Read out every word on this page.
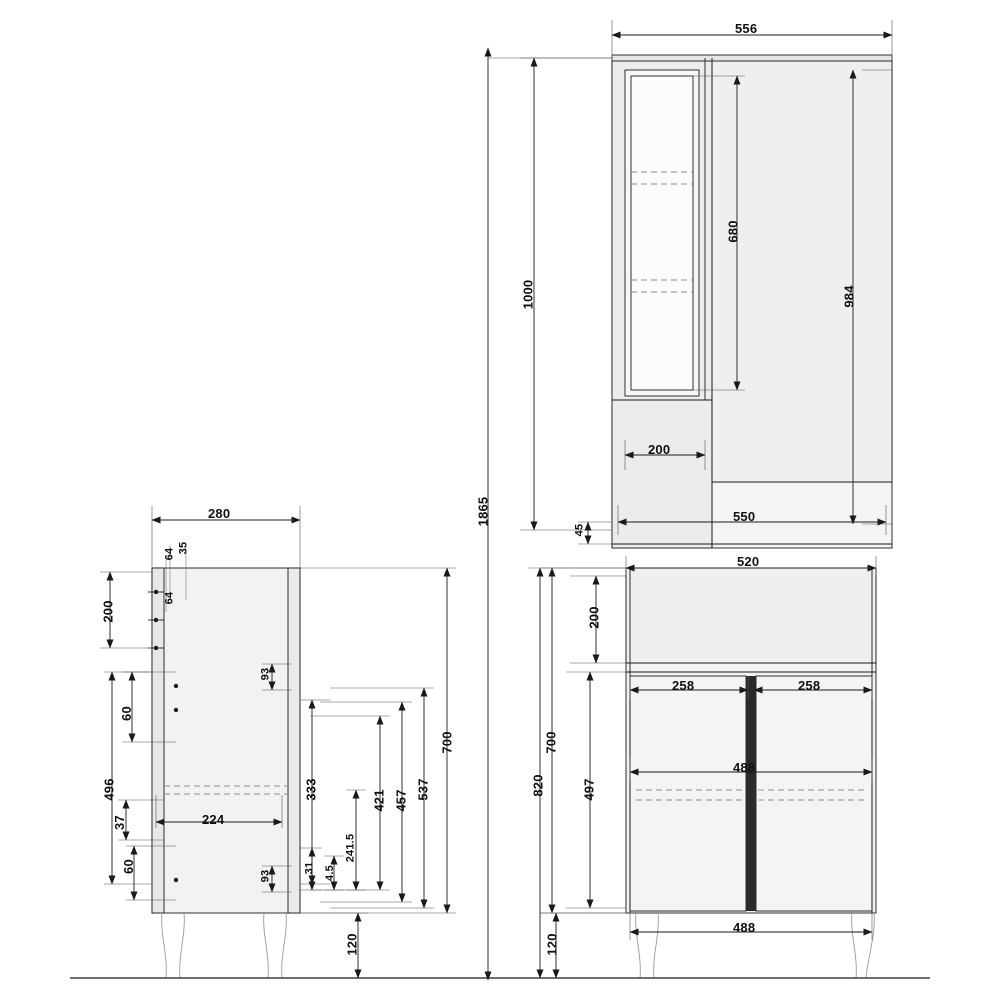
556
1000
680
984
200
550
45
1865
280
35
64
64
200
93
60
496
37	224
60
333	421 457 537
700
31 4.5
241.5
93
120
520
200
258	258
488
488
700
497
820
120
